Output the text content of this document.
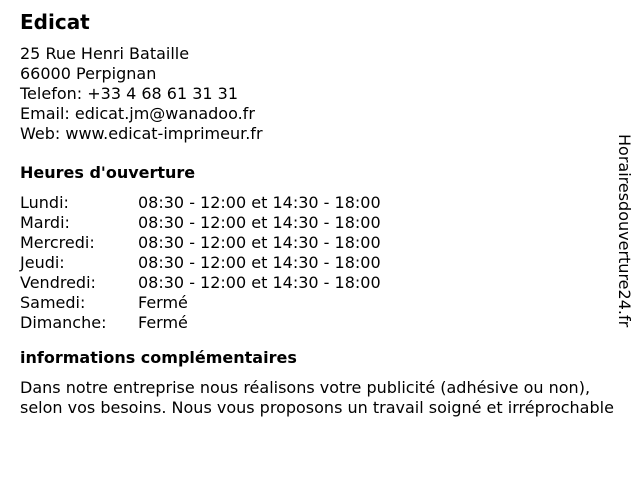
Edicat
25 Rue Henri Bataille
66000 Perpignan
Telefon: +33 4 68 61 31 31
Email: edicat.jm@wanadoo.fr
Web: www.edicat-imprimeur.fr
Heures d'ouverture
Lundi:	08:30 - 12:00 et 14:30 - 18:00
Mardi:	08:30 - 12:00 et 14:30 - 18:00
Mercredi:	08:30 - 12:00 et 14:30 - 18:00
Jeudi:	08:30 - 12:00 et 14:30 - 18:00
Vendredi:	08:30 - 12:00 et 14:30 - 18:00
Samedi:	Fermé
Dimanche:	Fermé
informations complémentaires

Dans notre entreprise nous réalisons votre publicité (adhésive ou non), selon vos besoins. Nous vous proposons un travail soigné et irréprochable

Horairesdouverture24.fr
